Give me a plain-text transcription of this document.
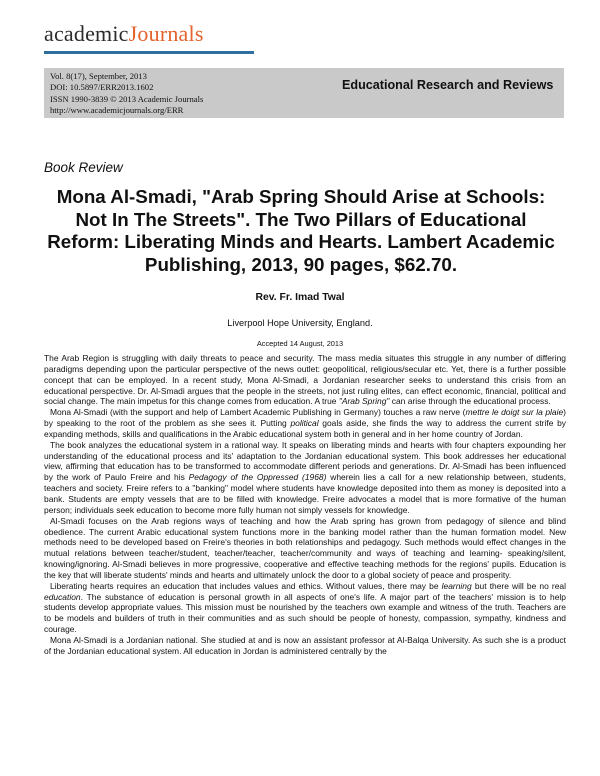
academicJournals
Vol. 8(17), September, 2013
DOI: 10.5897/ERR2013.1602
ISSN 1990-3839 © 2013 Academic Journals
http://www.academicjournals.org/ERR
Educational Research and Reviews
Book Review
Mona Al-Smadi, "Arab Spring Should Arise at Schools: Not In The Streets". The Two Pillars of Educational Reform: Liberating Minds and Hearts. Lambert Academic Publishing, 2013, 90 pages, $62.70.
Rev. Fr. Imad Twal
Liverpool Hope University, England.
Accepted 14 August, 2013

The Arab Region is struggling with daily threats to peace and security. The mass media situates this struggle in any number of differing paradigms depending upon the particular perspective of the news outlet: geopolitical, religious/secular etc. Yet, there is a further possible concept that can be employed. In a recent study, Mona Al-Smadi, a Jordanian researcher seeks to understand this crisis from an educational perspective. Dr. Al-Smadi argues that the people in the streets, not just ruling elites, can effect economic, financial, political and social change. The main impetus for this change comes from education. A true "Arab Spring" can arise through the educational process.

Mona Al-Smadi (with the support and help of Lambert Academic Publishing in Germany) touches a raw nerve (mettre le doigt sur la plaie) by speaking to the root of the problem as she sees it. Putting political goals aside, she finds the way to address the current strife by expanding methods, skills and qualifications in the Arabic educational system both in general and in her home country of Jordan.

The book analyzes the educational system in a rational way. It speaks on liberating minds and hearts with four chapters expounding her understanding of the educational process and its' adaptation to the Jordanian educational system. This book addresses her educational view, affirming that education has to be transformed to accommodate different periods and generations. Dr. Al-Smadi has been influenced by the work of Paulo Freire and his Pedagogy of the Oppressed (1968) wherein lies a call for a new relationship between, students, teachers and society. Freire refers to a "banking" model where students have knowledge deposited into them as money is deposited into a bank. Students are empty vessels that are to be filled with knowledge. Freire advocates a model that is more formative of the human person; individuals seek education to become more fully human not simply vessels for knowledge.

Al-Smadi focuses on the Arab regions ways of teaching and how the Arab spring has grown from pedagogy of silence and blind obedience. The current Arabic educational system functions more in the banking model rather than the human formation model. New methods need to be developed based on Freire's theories in both relationships and pedagogy. Such methods would effect changes in the mutual relations between teacher/student, teacher/teacher, teacher/community and ways of teaching and learning- speaking/silent, knowing/ignoring. Al-Smadi believes in more progressive, cooperative and effective teaching methods for the regions' pupils. Education is the key that will liberate students' minds and hearts and ultimately unlock the door to a global society of peace and prosperity.

Liberating hearts requires an education that includes values and ethics. Without values, there may be learning but there will be no real education. The substance of education is personal growth in all aspects of one's life. A major part of the teachers' mission is to help students develop appropriate values. This mission must be nourished by the teachers own example and witness of the truth. Teachers are to be models and builders of truth in their communities and as such should be people of honesty, compassion, sympathy, kindness and courage.

Mona Al-Smadi is a Jordanian national. She studied at and is now an assistant professor at Al-Balqa University. As such she is a product of the Jordanian educational system. All education in Jordan is administered centrally by the
